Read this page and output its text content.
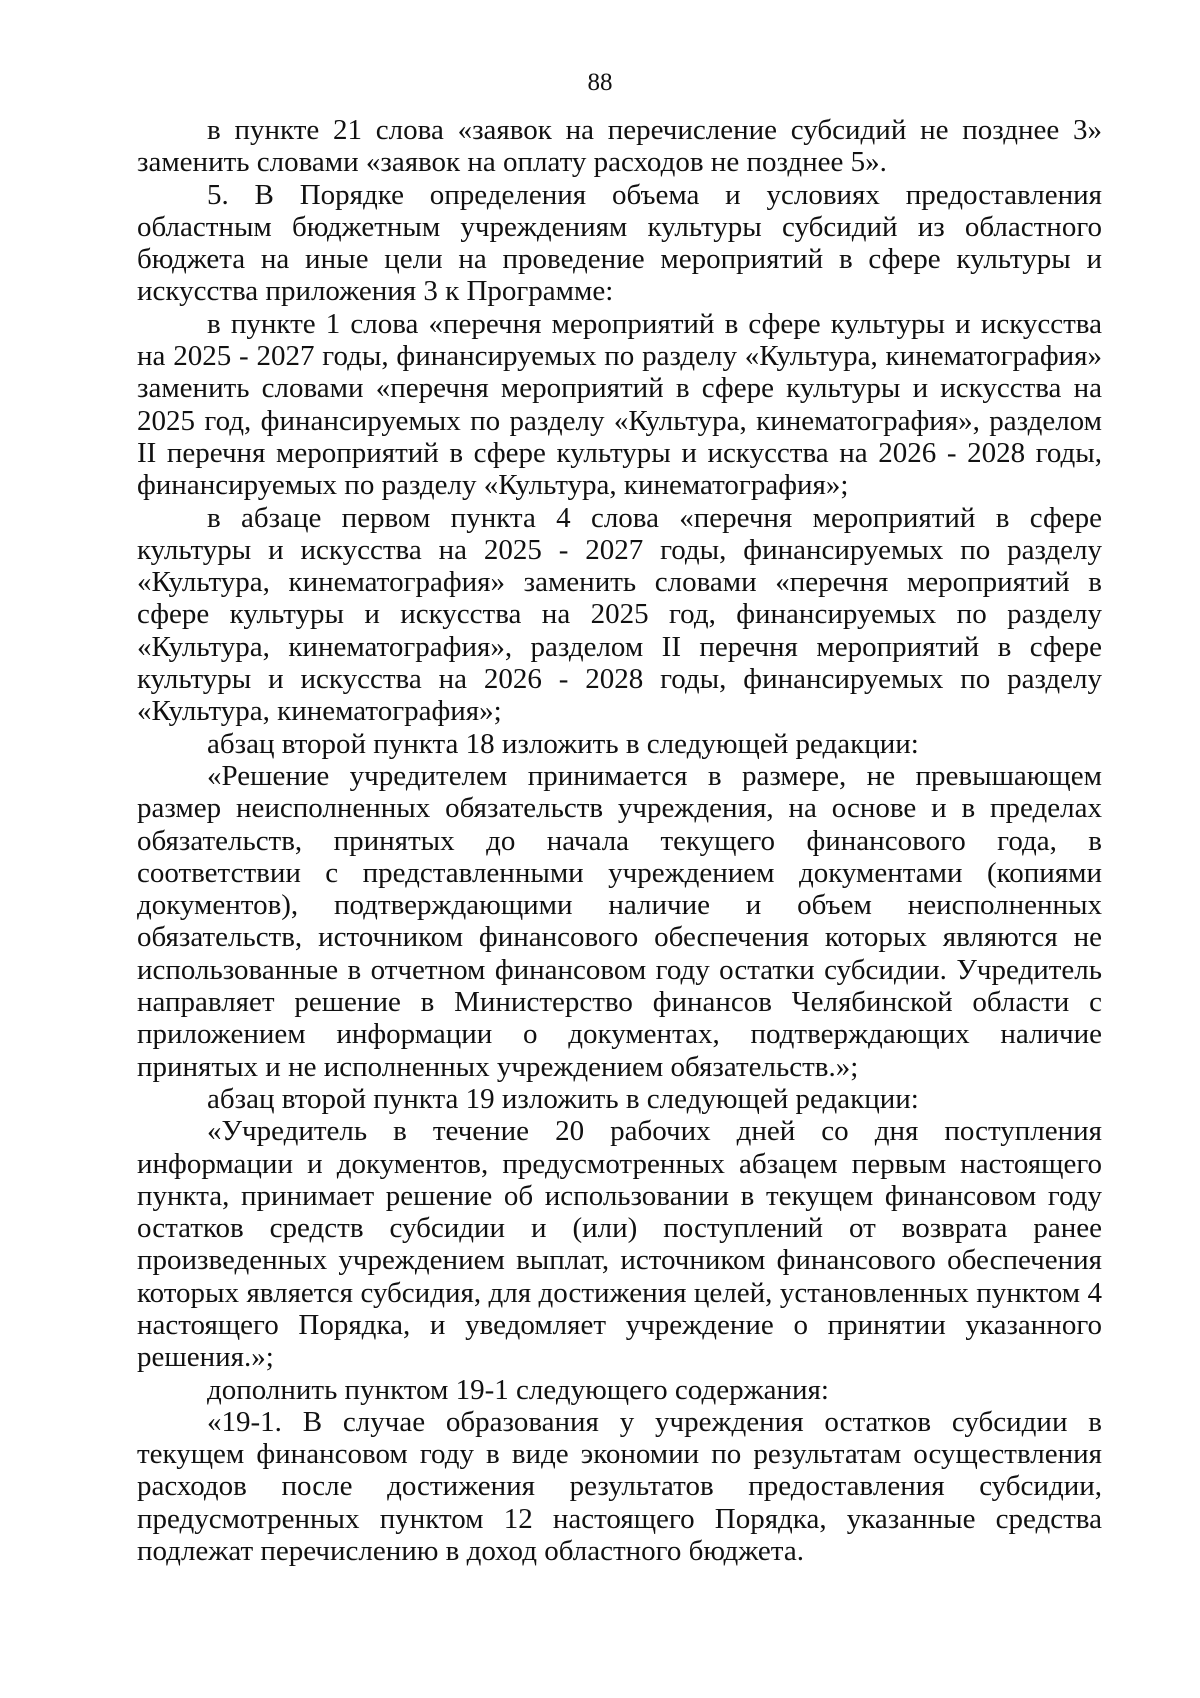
88

в пункте 21 слова «заявок на перечисление субсидий не позднее 3» заменить словами «заявок на оплату расходов не позднее 5».

5. В Порядке определения объема и условиях предоставления областным бюджетным учреждениям культуры субсидий из областного бюджета на иные цели на проведение мероприятий в сфере культуры и искусства приложения 3 к Программе:

в пункте 1 слова «перечня мероприятий в сфере культуры и искусства на 2025 - 2027 годы, финансируемых по разделу «Культура, кинематография» заменить словами «перечня мероприятий в сфере культуры и искусства на 2025 год, финансируемых по разделу «Культура, кинематография», разделом II перечня мероприятий в сфере культуры и искусства на 2026 - 2028 годы, финансируемых по разделу «Культура, кинематография»;

в абзаце первом пункта 4 слова «перечня мероприятий в сфере культуры и искусства на 2025 - 2027 годы, финансируемых по разделу «Культура, кинематография» заменить словами «перечня мероприятий в сфере культуры и искусства на 2025 год, финансируемых по разделу «Культура, кинематография», разделом II перечня мероприятий в сфере культуры и искусства на 2026 - 2028 годы, финансируемых по разделу «Культура, кинематография»;

абзац второй пункта 18 изложить в следующей редакции:

«Решение учредителем принимается в размере, не превышающем размер неисполненных обязательств учреждения, на основе и в пределах обязательств, принятых до начала текущего финансового года, в соответствии с представленными учреждением документами (копиями документов), подтверждающими наличие и объем неисполненных обязательств, источником финансового обеспечения которых являются не использованные в отчетном финансовом году остатки субсидии. Учредитель направляет решение в Министерство финансов Челябинской области с приложением информации о документах, подтверждающих наличие принятых и не исполненных учреждением обязательств.»;

абзац второй пункта 19 изложить в следующей редакции:

«Учредитель в течение 20 рабочих дней со дня поступления информации и документов, предусмотренных абзацем первым настоящего пункта, принимает решение об использовании в текущем финансовом году остатков средств субсидии и (или) поступлений от возврата ранее произведенных учреждением выплат, источником финансового обеспечения которых является субсидия, для достижения целей, установленных пунктом 4 настоящего Порядка, и уведомляет учреждение о принятии указанного решения.»;

дополнить пунктом 19-1 следующего содержания:

«19-1. В случае образования у учреждения остатков субсидии в текущем финансовом году в виде экономии по результатам осуществления расходов после достижения результатов предоставления субсидии, предусмотренных пунктом 12 настоящего Порядка, указанные средства подлежат перечислению в доход областного бюджета.
